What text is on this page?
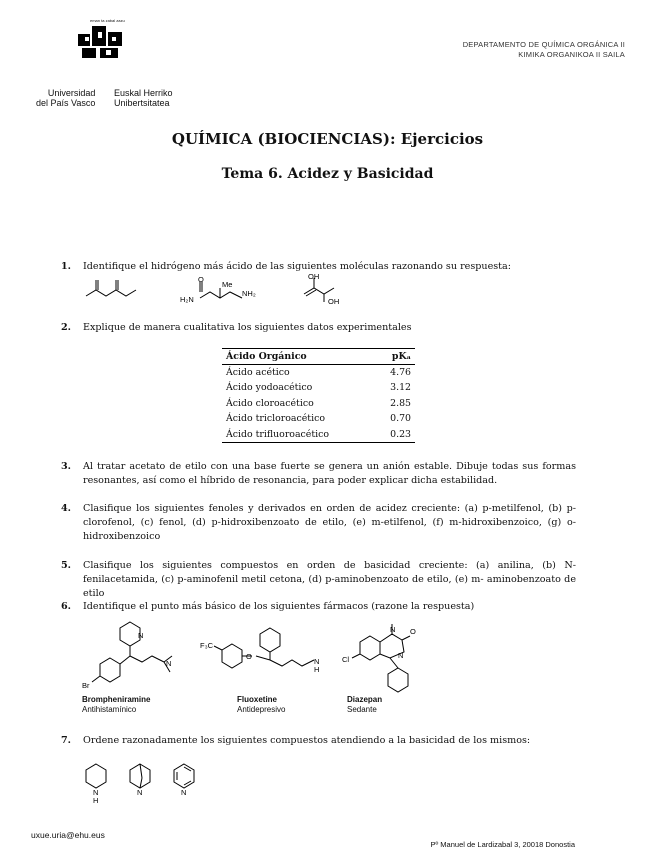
eman ta zabal zazu
Universidad
del País Vasco
Euskal Herriko
Unibertsitatea
DEPARTAMENTO DE QUÍMICA ORGÁNICA II
KIMIKA ORGANIKOA II SAILA
QUÍMICA (BIOCIENCIAS): Ejercicios
Tema 6. Acidez y Basicidad
1. Identifique el hidrógeno más ácido de las siguientes moléculas razonando su respuesta:
O
H₂N
Me
NH₂
OH
OH
2. Explique de manera cualitativa los siguientes datos experimentales
Ácido Orgánico	pKₐ
Ácido acético	4.76
Ácido yodoacético	3.12
Ácido cloroacético	2.85
Ácido tricloroacético	0.70
Ácido trifluoroacético	0.23
3. Al tratar acetato de etilo con una base fuerte se genera un anión estable. Dibuje todas sus formas resonantes, así como el híbrido de resonancia, para poder explicar dicha estabilidad.
4. Clasifique los siguientes fenoles y derivados en orden de acidez creciente: (a) p-metilfenol, (b) p-clorofenol, (c) fenol, (d) p-hidroxibenzoato de etilo, (e) m-etilfenol, (f) m-hidroxibenzoico, (g) o-hidroxibenzoico
5. Clasifique los siguientes compuestos en orden de basicidad creciente: (a) anilina, (b) N-fenilacetamida, (c) p-aminofenil metil cetona, (d) p-aminobenzoato de etilo, (e) m- aminobenzoato de etilo
6. Identifique el punto más básico de los siguientes fármacos (razone la respuesta)
N
N
Br
F₃C
O
N
H
N O
Cl	N
Brompheniramine
Antihistamínico
Fluoxetine
Antidepresivo
Diazepan
Sedante
7. Ordene razonadamente los siguientes compuestos atendiendo a la basicidad de los mismos:
N
H
N	N
uxue.uria@ehu.eus
Pº Manuel de Lardizabal 3, 20018 Donostia
